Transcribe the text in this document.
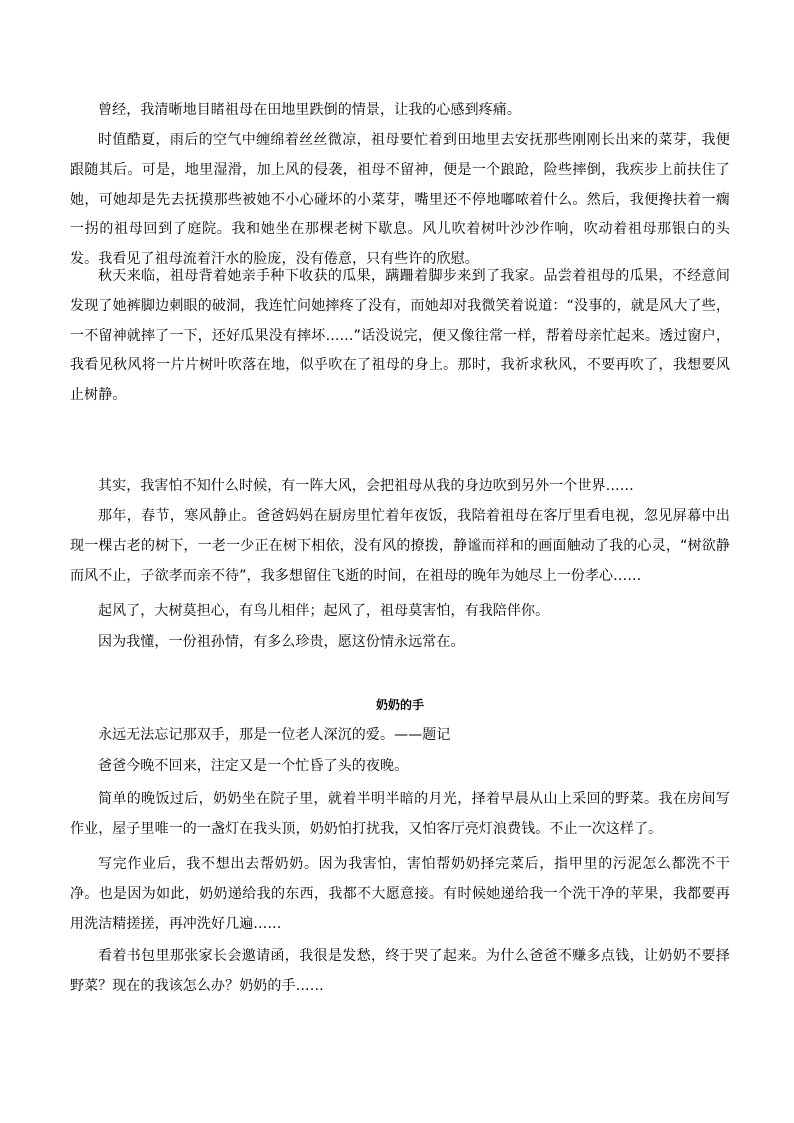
曾经，我清晰地目睹祖母在田地里跌倒的情景，让我的心感到疼痛。

时值酷夏，雨后的空气中缠绵着丝丝微凉，祖母要忙着到田地里去安抚那些刚刚长出来的菜芽，我便跟随其后。可是，地里湿滑，加上风的侵袭，祖母不留神，便是一个踉跄，险些摔倒，我疾步上前扶住了她，可她却是先去抚摸那些被她不小心碰坏的小菜芽，嘴里还不停地嘟哝着什么。然后，我便搀扶着一瘸一拐的祖母回到了庭院。我和她坐在那棵老树下歇息。风儿吹着树叶沙沙作响，吹动着祖母那银白的头发。我看见了祖母流着汗水的脸庞，没有倦意，只有些许的欣慰。

秋天来临，祖母背着她亲手种下收获的瓜果，蹒跚着脚步来到了我家。品尝着祖母的瓜果，不经意间发现了她裤脚边刺眼的破洞，我连忙问她摔疼了没有，而她却对我微笑着说道：“没事的，就是风大了些，一不留神就摔了一下，还好瓜果没有摔坏……”话没说完，便又像往常一样，帮着母亲忙起来。透过窗户，我看见秋风将一片片树叶吹落在地，似乎吹在了祖母的身上。那时，我祈求秋风，不要再吹了，我想要风止树静。

其实，我害怕不知什么时候，有一阵大风，会把祖母从我的身边吹到另外一个世界……

那年，春节，寒风静止。爸爸妈妈在厨房里忙着年夜饭，我陪着祖母在客厅里看电视，忽见屏幕中出现一棵古老的树下，一老一少正在树下相依，没有风的撩拨，静谧而祥和的画面触动了我的心灵，“树欲静而风不止，子欲孝而亲不待”，我多想留住飞逝的时间，在祖母的晚年为她尽上一份孝心……

起风了，大树莫担心，有鸟儿相伴；起风了，祖母莫害怕，有我陪伴你。

因为我懂，一份祖孙情，有多么珍贵，愿这份情永远常在。

奶奶的手

永远无法忘记那双手，那是一位老人深沉的爱。——题记

爸爸今晚不回来，注定又是一个忙昏了头的夜晚。

简单的晚饭过后，奶奶坐在院子里，就着半明半暗的月光，择着早晨从山上采回的野菜。我在房间写作业，屋子里唯一的一盏灯在我头顶，奶奶怕打扰我，又怕客厅亮灯浪费钱。不止一次这样了。

写完作业后，我不想出去帮奶奶。因为我害怕，害怕帮奶奶择完菜后，指甲里的污泥怎么都洗不干净。也是因为如此，奶奶递给我的东西，我都不大愿意接。有时候她递给我一个洗干净的苹果，我都要再用洗洁精搓搓，再冲洗好几遍……

看着书包里那张家长会邀请函，我很是发愁，终于哭了起来。为什么爸爸不赚多点钱，让奶奶不要择野菜？现在的我该怎么办？奶奶的手……
